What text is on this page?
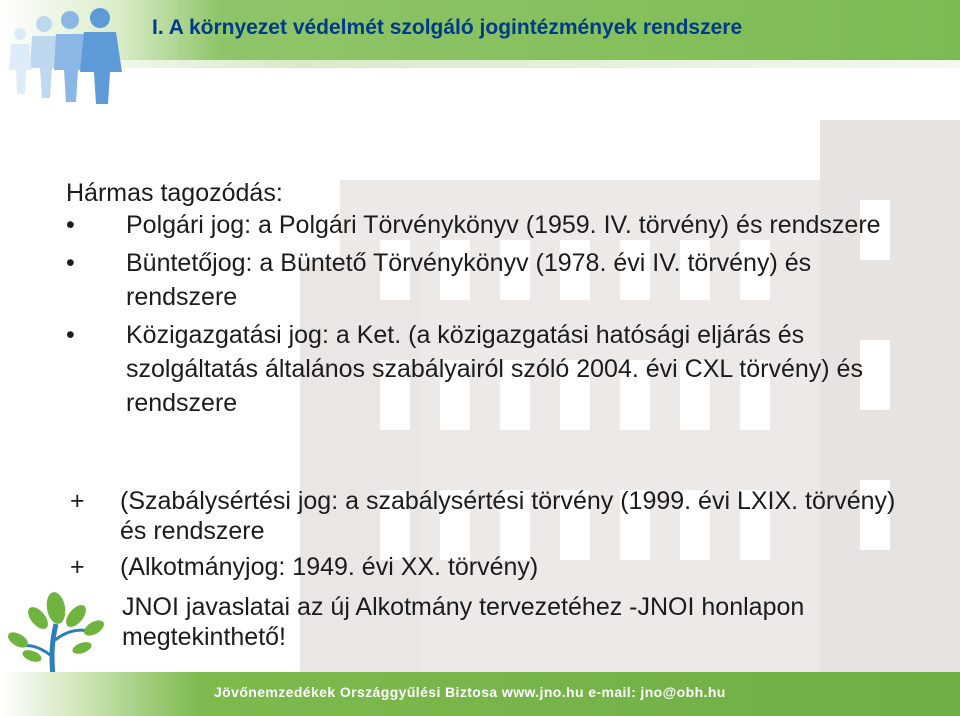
I. A környezet védelmét szolgáló jogintézmények rendszere
Hármas tagozódás:
•	Polgári jog: a Polgári Törvénykönyv (1959. IV. törvény) és rendszere
•	Büntetőjog: a Büntető Törvénykönyv (1978. évi IV. törvény) és rendszere
•	Közigazgatási jog: a Ket. (a közigazgatási hatósági eljárás és szolgáltatás általános szabályairól szóló 2004. évi CXL törvény) és rendszere
+	(Szabálysértési jog: a szabálysértési törvény (1999. évi LXIX. törvény) és rendszere
+	(Alkotmányjog: 1949. évi XX. törvény)
JNOI javaslatai az új Alkotmány tervezetéhez -JNOI honlapon megtekinthető!
Jövőnemzedékek Országgyűlési Biztosa www.jno.hu e-mail: jno@obh.hu
